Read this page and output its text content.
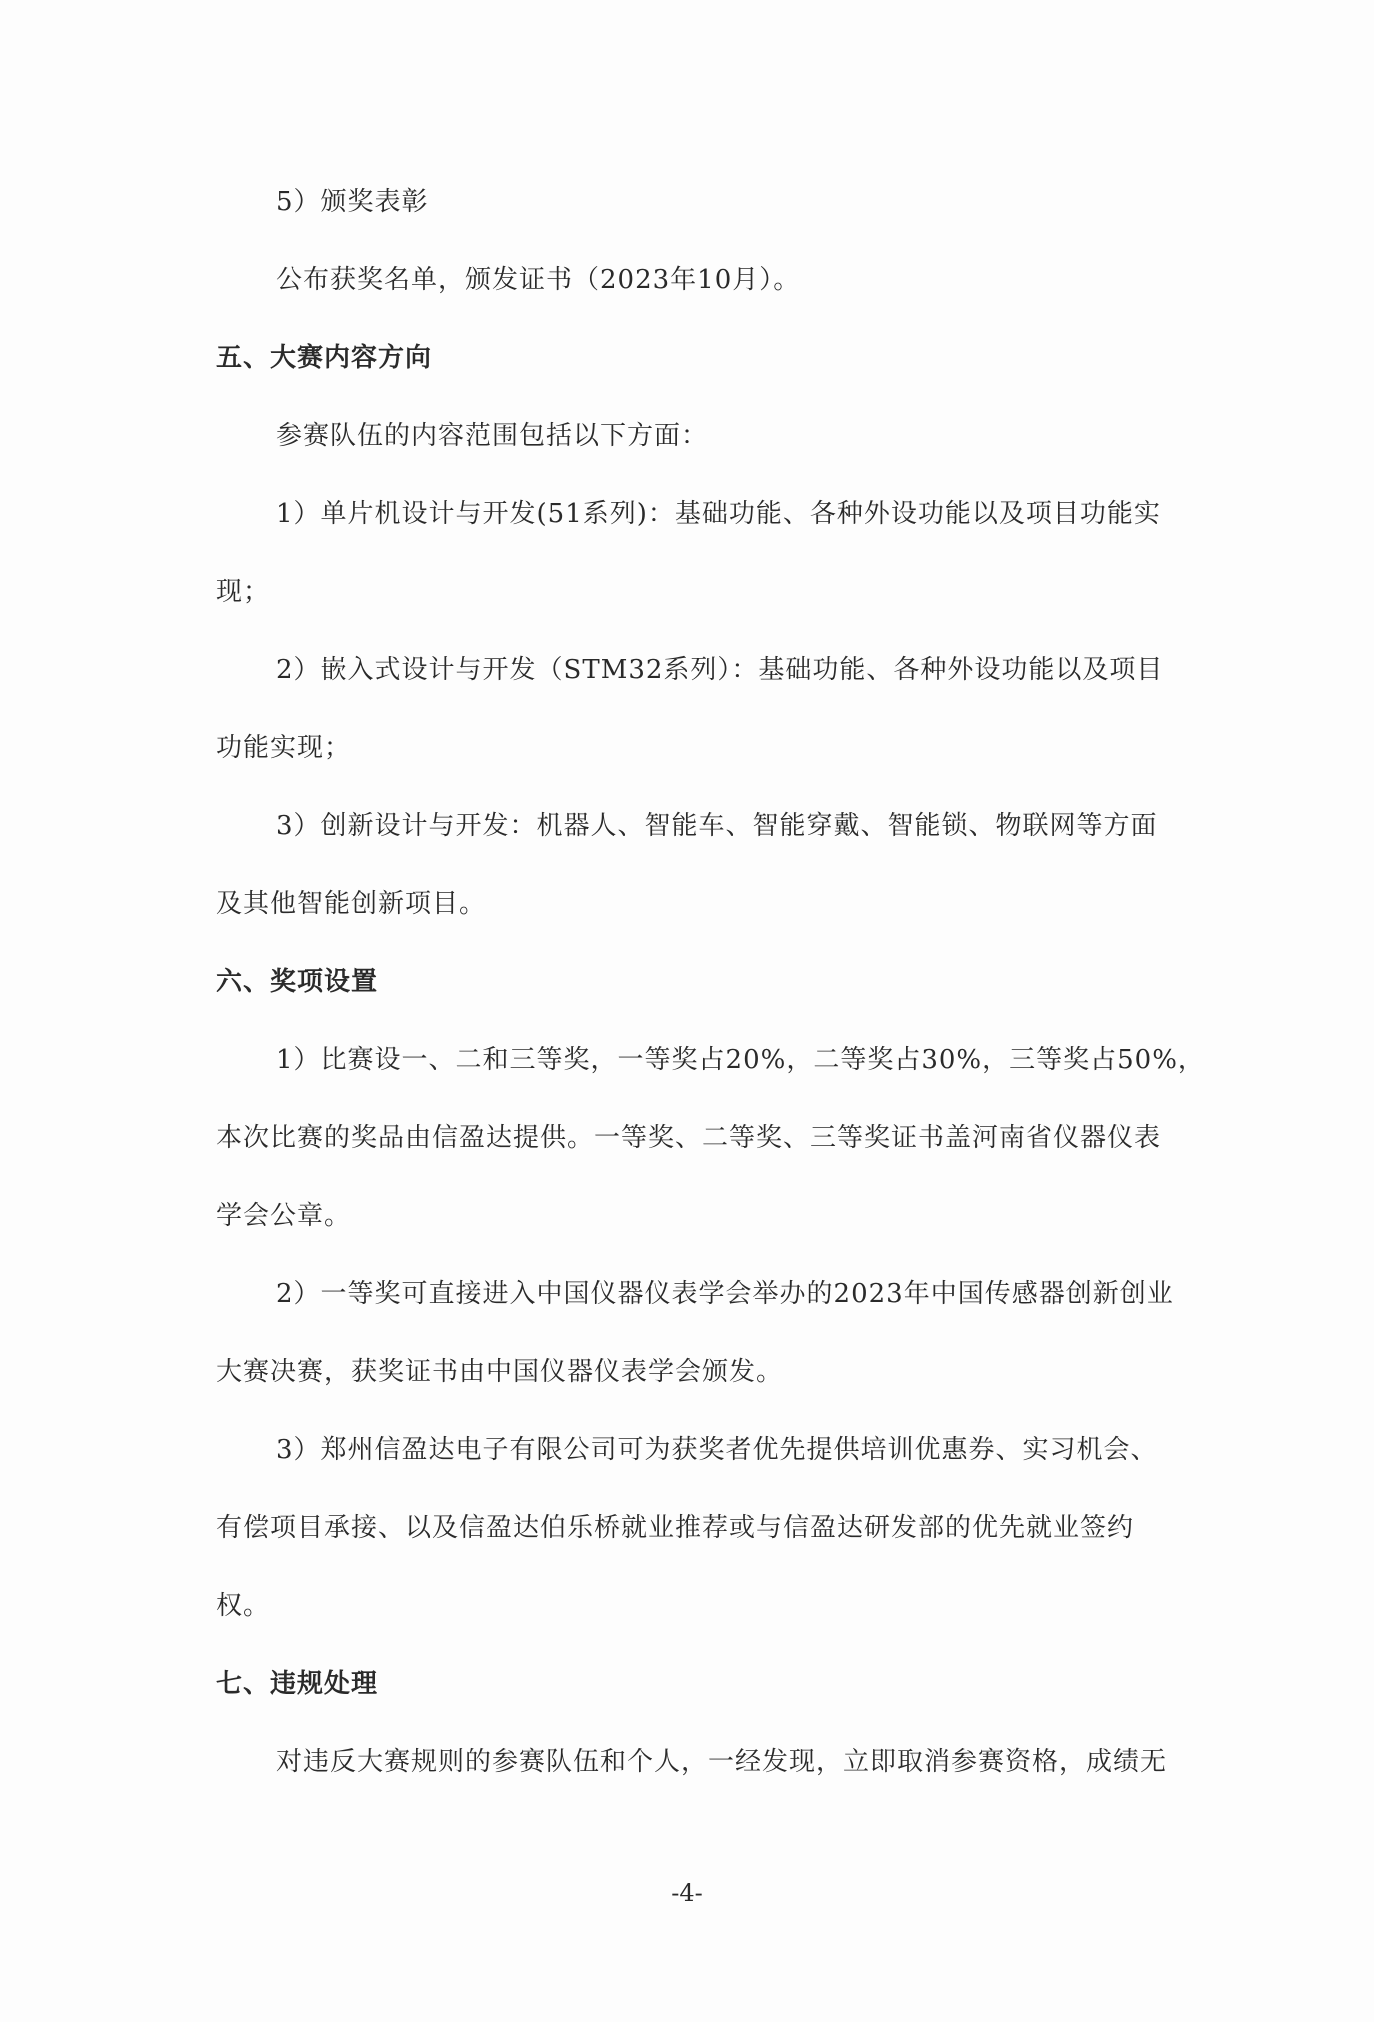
5）颁奖表彰
公布获奖名单，颁发证书（2023年10月）。
五、大赛内容方向
参赛队伍的内容范围包括以下方面：
1）单片机设计与开发(51系列)：基础功能、各种外设功能以及项目功能实
现；
2）嵌入式设计与开发（STM32系列）：基础功能、各种外设功能以及项目
功能实现；
3）创新设计与开发：机器人、智能车、智能穿戴、智能锁、物联网等方面
及其他智能创新项目。
六、奖项设置
1）比赛设一、二和三等奖，一等奖占20%，二等奖占30%，三等奖占50%，
本次比赛的奖品由信盈达提供。一等奖、二等奖、三等奖证书盖河南省仪器仪表
学会公章。
2）一等奖可直接进入中国仪器仪表学会举办的2023年中国传感器创新创业
大赛决赛，获奖证书由中国仪器仪表学会颁发。
3）郑州信盈达电子有限公司可为获奖者优先提供培训优惠券、实习机会、
有偿项目承接、以及信盈达伯乐桥就业推荐或与信盈达研发部的优先就业签约
权。
七、违规处理
对违反大赛规则的参赛队伍和个人，一经发现，立即取消参赛资格，成绩无
-4-
